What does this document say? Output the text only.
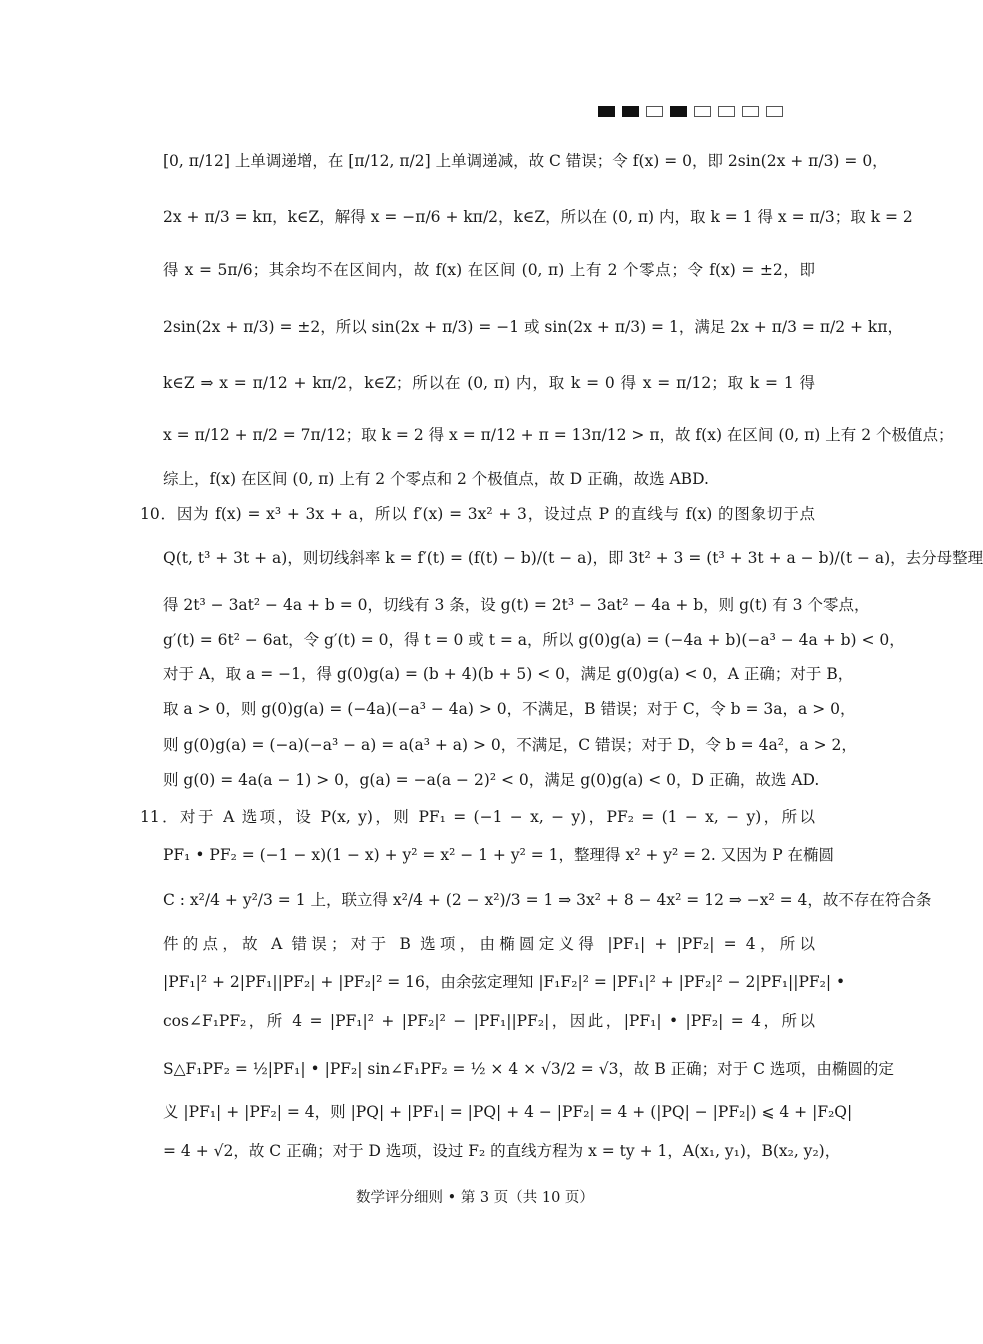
[0, π/12] 上单调递增，在 [π/12, π/2] 上单调递减，故 C 错误；令 f(x) = 0，即 2sin(2x + π/3) = 0，
2x + π/3 = kπ，k∈Z，解得 x = −π/6 + kπ/2，k∈Z，所以在 (0, π) 内，取 k = 1 得 x = π/3；取 k = 2
得 x = 5π/6；其余均不在区间内，故 f(x) 在区间 (0, π) 上有 2 个零点；令 f(x) = ±2，即
2sin(2x + π/3) = ±2，所以 sin(2x + π/3) = −1 或 sin(2x + π/3) = 1，满足 2x + π/3 = π/2 + kπ，
k∈Z ⇒ x = π/12 + kπ/2，k∈Z；所以在 (0, π) 内，取 k = 0 得 x = π/12；取 k = 1 得
x = π/12 + π/2 = 7π/12；取 k = 2 得 x = π/12 + π = 13π/12 > π，故 f(x) 在区间 (0, π) 上有 2 个极值点；
综上，f(x) 在区间 (0, π) 上有 2 个零点和 2 个极值点，故 D 正确，故选 ABD.
10．因为 f(x) = x³ + 3x + a，所以 f′(x) = 3x² + 3，设过点 P 的直线与 f(x) 的图象切于点
Q(t, t³ + 3t + a)，则切线斜率 k = f′(t) = (f(t) − b)/(t − a)，即 3t² + 3 = (t³ + 3t + a − b)/(t − a)，去分母整理
得 2t³ − 3at² − 4a + b = 0，切线有 3 条，设 g(t) = 2t³ − 3at² − 4a + b，则 g(t) 有 3 个零点，
g′(t) = 6t² − 6at，令 g′(t) = 0，得 t = 0 或 t = a，所以 g(0)g(a) = (−4a + b)(−a³ − 4a + b) < 0，
对于 A，取 a = −1，得 g(0)g(a) = (b + 4)(b + 5) < 0，满足 g(0)g(a) < 0，A 正确；对于 B，
取 a > 0，则 g(0)g(a) = (−4a)(−a³ − 4a) > 0，不满足，B 错误；对于 C，令 b = 3a，a > 0，
则 g(0)g(a) = (−a)(−a³ − a) = a(a³ + a) > 0，不满足，C 错误；对于 D，令 b = 4a²，a > 2，
则 g(0) = 4a(a − 1) > 0，g(a) = −a(a − 2)² < 0，满足 g(0)g(a) < 0，D 正确，故选 AD.
11．对于 A 选项，设 P(x, y)，则 PF₁ = (−1 − x, − y)，PF₂ = (1 − x, − y)，所以
PF₁ • PF₂ = (−1 − x)(1 − x) + y² = x² − 1 + y² = 1，整理得 x² + y² = 2. 又因为 P 在椭圆
C : x²/4 + y²/3 = 1 上，联立得 x²/4 + (2 − x²)/3 = 1 ⇒ 3x² + 8 − 4x² = 12 ⇒ −x² = 4，故不存在符合条
件的点，故 A 错误；对于 B 选项，由椭圆定义得 |PF₁| + |PF₂| = 4，所以
|PF₁|² + 2|PF₁||PF₂| + |PF₂|² = 16，由余弦定理知 |F₁F₂|² = |PF₁|² + |PF₂|² − 2|PF₁||PF₂| •
cos∠F₁PF₂，所 4 = |PF₁|² + |PF₂|² − |PF₁||PF₂|，因此，|PF₁| • |PF₂| = 4，所以
S△F₁PF₂ = ½|PF₁| • |PF₂| sin∠F₁PF₂ = ½ × 4 × √3/2 = √3，故 B 正确；对于 C 选项，由椭圆的定
义 |PF₁| + |PF₂| = 4，则 |PQ| + |PF₁| = |PQ| + 4 − |PF₂| = 4 + (|PQ| − |PF₂|) ⩽ 4 + |F₂Q|
= 4 + √2，故 C 正确；对于 D 选项，设过 F₂ 的直线方程为 x = ty + 1，A(x₁, y₁)，B(x₂, y₂)，
数学评分细则 • 第 3 页（共 10 页）
